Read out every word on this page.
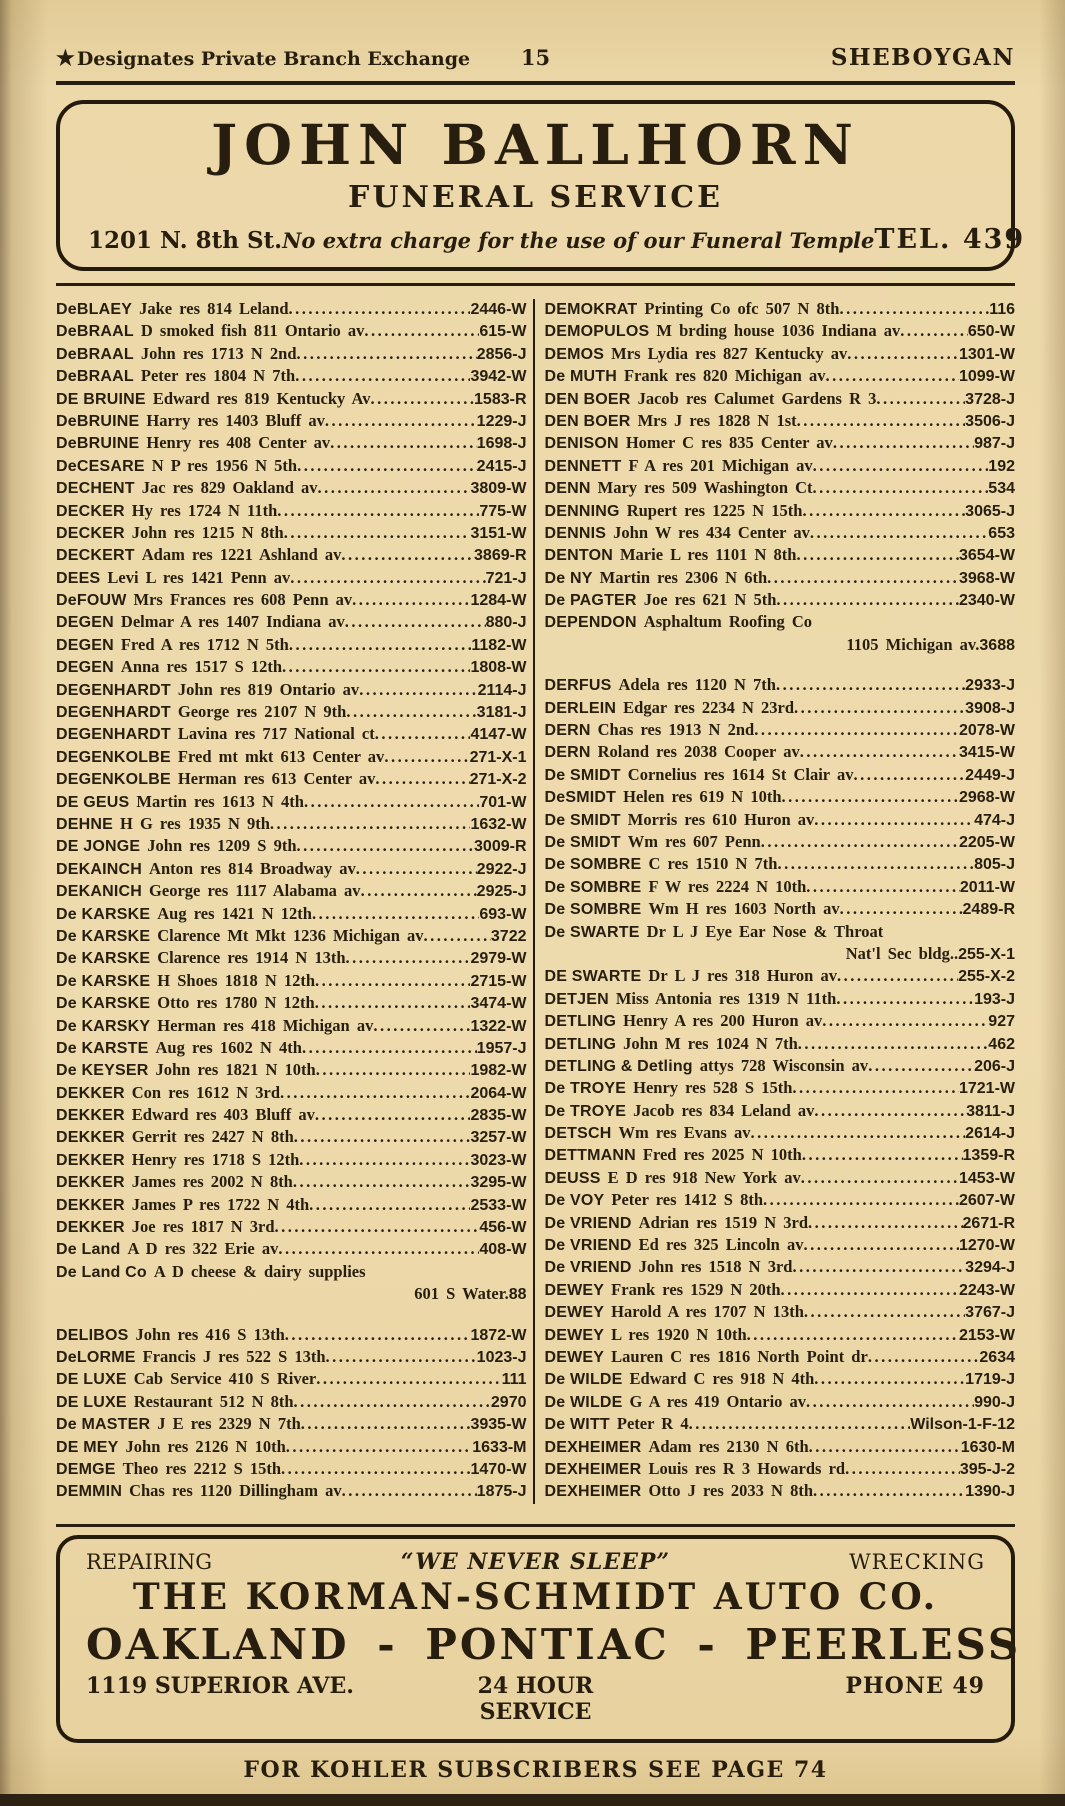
★ Designates Private Branch Exchange	15	SHEBOYGAN
JOHN BALLHORN
FUNERAL SERVICE
1201 N. 8th St. No extra charge for the use of our Funeral Temple TEL. 439
DeBLAEY Jake res 814 Leland .....	2446-W
DeBRAAL D smoked fish 811 Ontario av .....	615-W
DeBRAAL John res 1713 N 2nd .....	2856-J
DeBRAAL Peter res 1804 N 7th .....	3942-W
DE BRUINE Edward res 819 Kentucky Av .....	1583-R
DeBRUINE Harry res 1403 Bluff av .....	1229-J
DeBRUINE Henry res 408 Center av .....	1698-J
DeCESARE N P res 1956 N 5th .....	2415-J
DECHENT Jac res 829 Oakland av .....	3809-W
DECKER Hy res 1724 N 11th .....	775-W
DECKER John res 1215 N 8th .....	3151-W
DECKERT Adam res 1221 Ashland av .....	3869-R
DEES Levi L res 1421 Penn av .....	721-J
DeFOUW Mrs Frances res 608 Penn av .....	1284-W
DEGEN Delmar A res 1407 Indiana av .....	880-J
DEGEN Fred A res 1712 N 5th .....	1182-W
DEGEN Anna res 1517 S 12th .....	1808-W
DEGENHARDT John res 819 Ontario av .....	2114-J
DEGENHARDT George res 2107 N 9th .....	3181-J
DEGENHARDT Lavina res 717 National ct .....	4147-W
DEGENKOLBE Fred mt mkt 613 Center av .....	271-X-1
DEGENKOLBE Herman res 613 Center av .....	271-X-2
DE GEUS Martin res 1613 N 4th .....	701-W
DEHNE H G res 1935 N 9th .....	1632-W
DE JONGE John res 1209 S 9th .....	3009-R
DEKAINCH Anton res 814 Broadway av .....	2922-J
DEKANICH George res 1117 Alabama av .....	2925-J
De KARSKE Aug res 1421 N 12th .....	693-W
De KARSKE Clarence Mt Mkt 1236 Michigan av .....	3722
De KARSKE Clarence res 1914 N 13th .....	2979-W
De KARSKE H Shoes 1818 N 12th .....	2715-W
De KARSKE Otto res 1780 N 12th .....	3474-W
De KARSKY Herman res 418 Michigan av .....	1322-W
De KARSTE Aug res 1602 N 4th .....	1957-J
De KEYSER John res 1821 N 10th .....	1982-W
DEKKER Con res 1612 N 3rd .....	2064-W
DEKKER Edward res 403 Bluff av .....	2835-W
DEKKER Gerrit res 2427 N 8th .....	3257-W
DEKKER Henry res 1718 S 12th .....	3023-W
DEKKER James res 2002 N 8th .....	3295-W
DEKKER James P res 1722 N 4th .....	2533-W
DEKKER Joe res 1817 N 3rd .....	456-W
De Land A D res 322 Erie av .....	408-W
De Land Co A D cheese & dairy supplies
601 S Water. 88
DELIBOS John res 416 S 13th .....	1872-W
DeLORME Francis J res 522 S 13th .....	1023-J
DE LUXE Cab Service 410 S River .....	111
DE LUXE Restaurant 512 N 8th .....	2970
De MASTER J E res 2329 N 7th .....	3935-W
DE MEY John res 2126 N 10th .....	1633-M
DEMGE Theo res 2212 S 15th .....	1470-W
DEMMIN Chas res 1120 Dillingham av .....	1875-J
DEMOKRAT Printing Co ofc 507 N 8th .....	116
DEMOPULOS M brding house 1036 Indiana av .....	650-W
DEMOS Mrs Lydia res 827 Kentucky av .....	1301-W
De MUTH Frank res 820 Michigan av .....	1099-W
DEN BOER Jacob res Calumet Gardens R 3 .....	3728-J
DEN BOER Mrs J res 1828 N 1st .....	3506-J
DENISON Homer C res 835 Center av .....	987-J
DENNETT F A res 201 Michigan av .....	192
DENN Mary res 509 Washington Ct .....	534
DENNING Rupert res 1225 N 15th .....	3065-J
DENNIS John W res 434 Center av .....	653
DENTON Marie L res 1101 N 8th .....	3654-W
De NY Martin res 2306 N 6th .....	3968-W
De PAGTER Joe res 621 N 5th .....	2340-W
DEPENDON Asphaltum Roofing Co
1105 Michigan av. 3688
DERFUS Adela res 1120 N 7th .....	2933-J
DERLEIN Edgar res 2234 N 23rd .....	3908-J
DERN Chas res 1913 N 2nd .....	2078-W
DERN Roland res 2038 Cooper av .....	3415-W
De SMIDT Cornelius res 1614 St Clair av .....	2449-J
DeSMIDT Helen res 619 N 10th .....	2968-W
De SMIDT Morris res 610 Huron av .....	474-J
De SMIDT Wm res 607 Penn .....	2205-W
De SOMBRE C res 1510 N 7th .....	805-J
De SOMBRE F W res 2224 N 10th .....	2011-W
De SOMBRE Wm H res 1603 North av .....	2489-R
De SWARTE Dr L J Eye Ear Nose & Throat
Nat'l Sec bldg.. 255-X-1
DE SWARTE Dr L J res 318 Huron av .....	255-X-2
DETJEN Miss Antonia res 1319 N 11th .....	193-J
DETLING Henry A res 200 Huron av .....	927
DETLING John M res 1024 N 7th .....	462
DETLING & Detling attys 728 Wisconsin av .....	206-J
De TROYE Henry res 528 S 15th .....	1721-W
De TROYE Jacob res 834 Leland av .....	3811-J
DETSCH Wm res Evans av .....	2614-J
DETTMANN Fred res 2025 N 10th .....	1359-R
DEUSS E D res 918 New York av .....	1453-W
De VOY Peter res 1412 S 8th .....	2607-W
De VRIEND Adrian res 1519 N 3rd .....	2671-R
De VRIEND Ed res 325 Lincoln av .....	1270-W
De VRIEND John res 1518 N 3rd .....	3294-J
DEWEY Frank res 1529 N 20th .....	2243-W
DEWEY Harold A res 1707 N 13th .....	3767-J
DEWEY L res 1920 N 10th .....	2153-W
DEWEY Lauren C res 1816 North Point dr .....	2634
De WILDE Edward C res 918 N 4th .....	1719-J
De WILDE G A res 419 Ontario av .....	990-J
De WITT Peter R 4 .....	Wilson-1-F-12
DEXHEIMER Adam res 2130 N 6th .....	1630-M
DEXHEIMER Louis res R 3 Howards rd .....	395-J-2
DEXHEIMER Otto J res 2033 N 8th .....	1390-J
REPAIRING	“WE NEVER SLEEP”	WRECKING
THE KORMAN-SCHMIDT AUTO CO.
OAKLAND - PONTIAC - PEERLESS
1119 SUPERIOR AVE.	24 HOUR SERVICE
PHONE 49
FOR KOHLER SUBSCRIBERS SEE PAGE 74
